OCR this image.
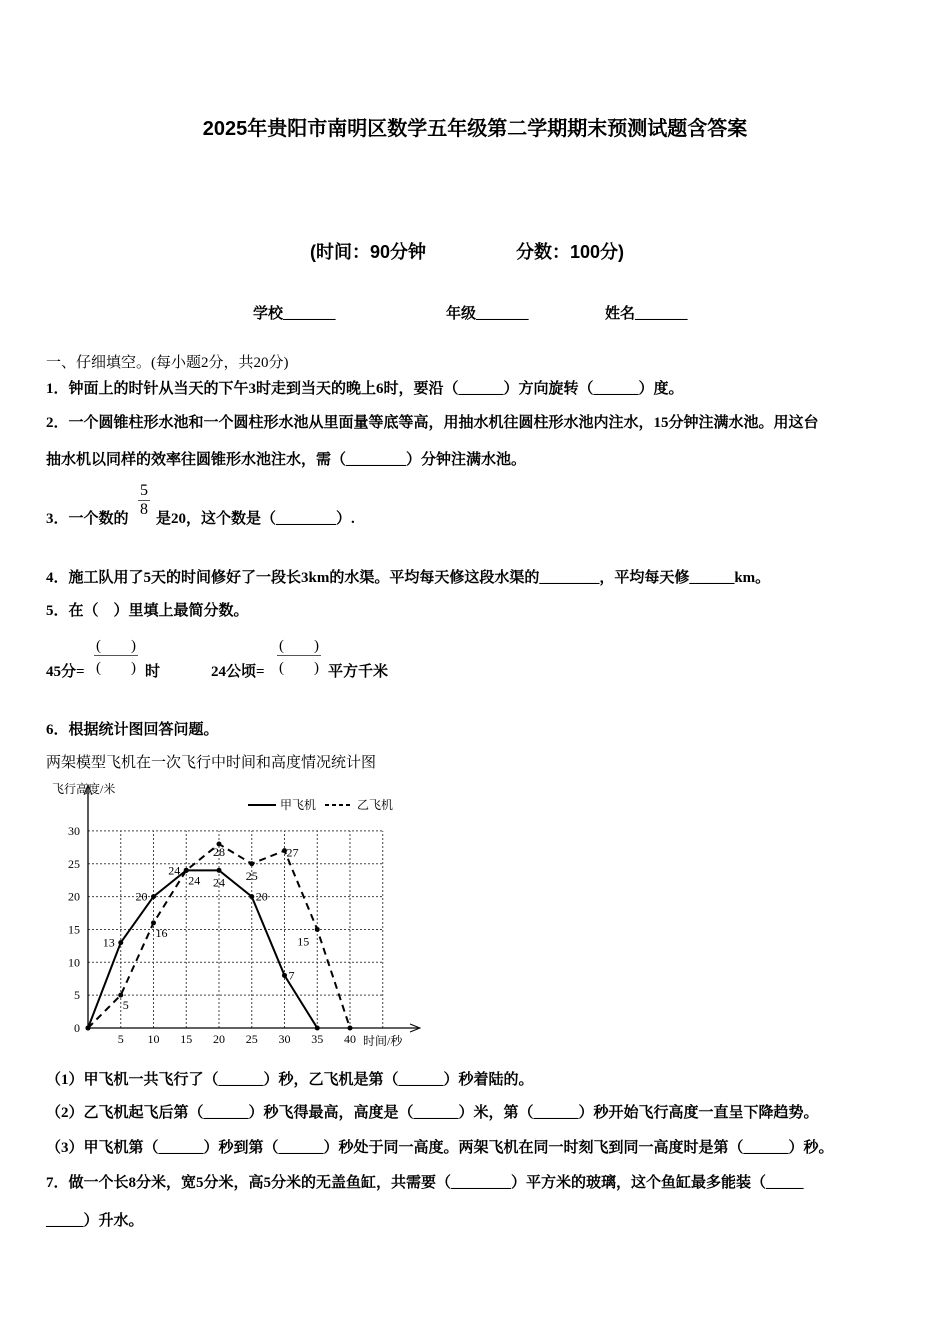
2025年贵阳市南明区数学五年级第二学期期末预测试题含答案
(时间：90分钟	分数：100分)
学校_______	年级_______	姓名_______
一、仔细填空。(每小题2分，共20分)
1．钟面上的时针从当天的下午3时走到当天的晚上6时，要沿（______）方向旋转（______）度。
2．一个圆锥柱形水池和一个圆柱形水池从里面量等底等高，用抽水机往圆柱形水池内注水，15分钟注满水池。用这台
抽水机以同样的效率往圆锥形水池注水，需（________）分钟注满水池。
3．一个数的 $\frac{5}{8}$ 是20，这个数是（________）.
4．施工队用了5天的时间修好了一段长3km的水渠。平均每天修这段水渠的________，平均每天修______km。
5．在（　）里填上最简分数。
45分=
(　　)
(　　) 时	24公顷=
(　　)
(　　) 平方千米
6．根据统计图回答问题。
两架模型飞机在一次飞行中时间和高度情况统计图
飞行高度/米
时间/秒
0
5
10
15
20
25
30
5 10 15 20 25 30 35 40
甲飞机	乙飞机
13
20
24
24
20
7
5
16
24
28
25
27
15
（1）甲飞机一共飞行了（______）秒，乙飞机是第（______）秒着陆的。
（2）乙飞机起飞后第（______）秒飞得最高，高度是（______）米，第（______）秒开始飞行高度一直呈下降趋势。
（3）甲飞机第（______）秒到第（______）秒处于同一高度。两架飞机在同一时刻飞到同一高度时是第（______）秒。
7．做一个长8分米，宽5分米，高5分米的无盖鱼缸，共需要（________）平方米的玻璃，这个鱼缸最多能装（_____
_____）升水。
